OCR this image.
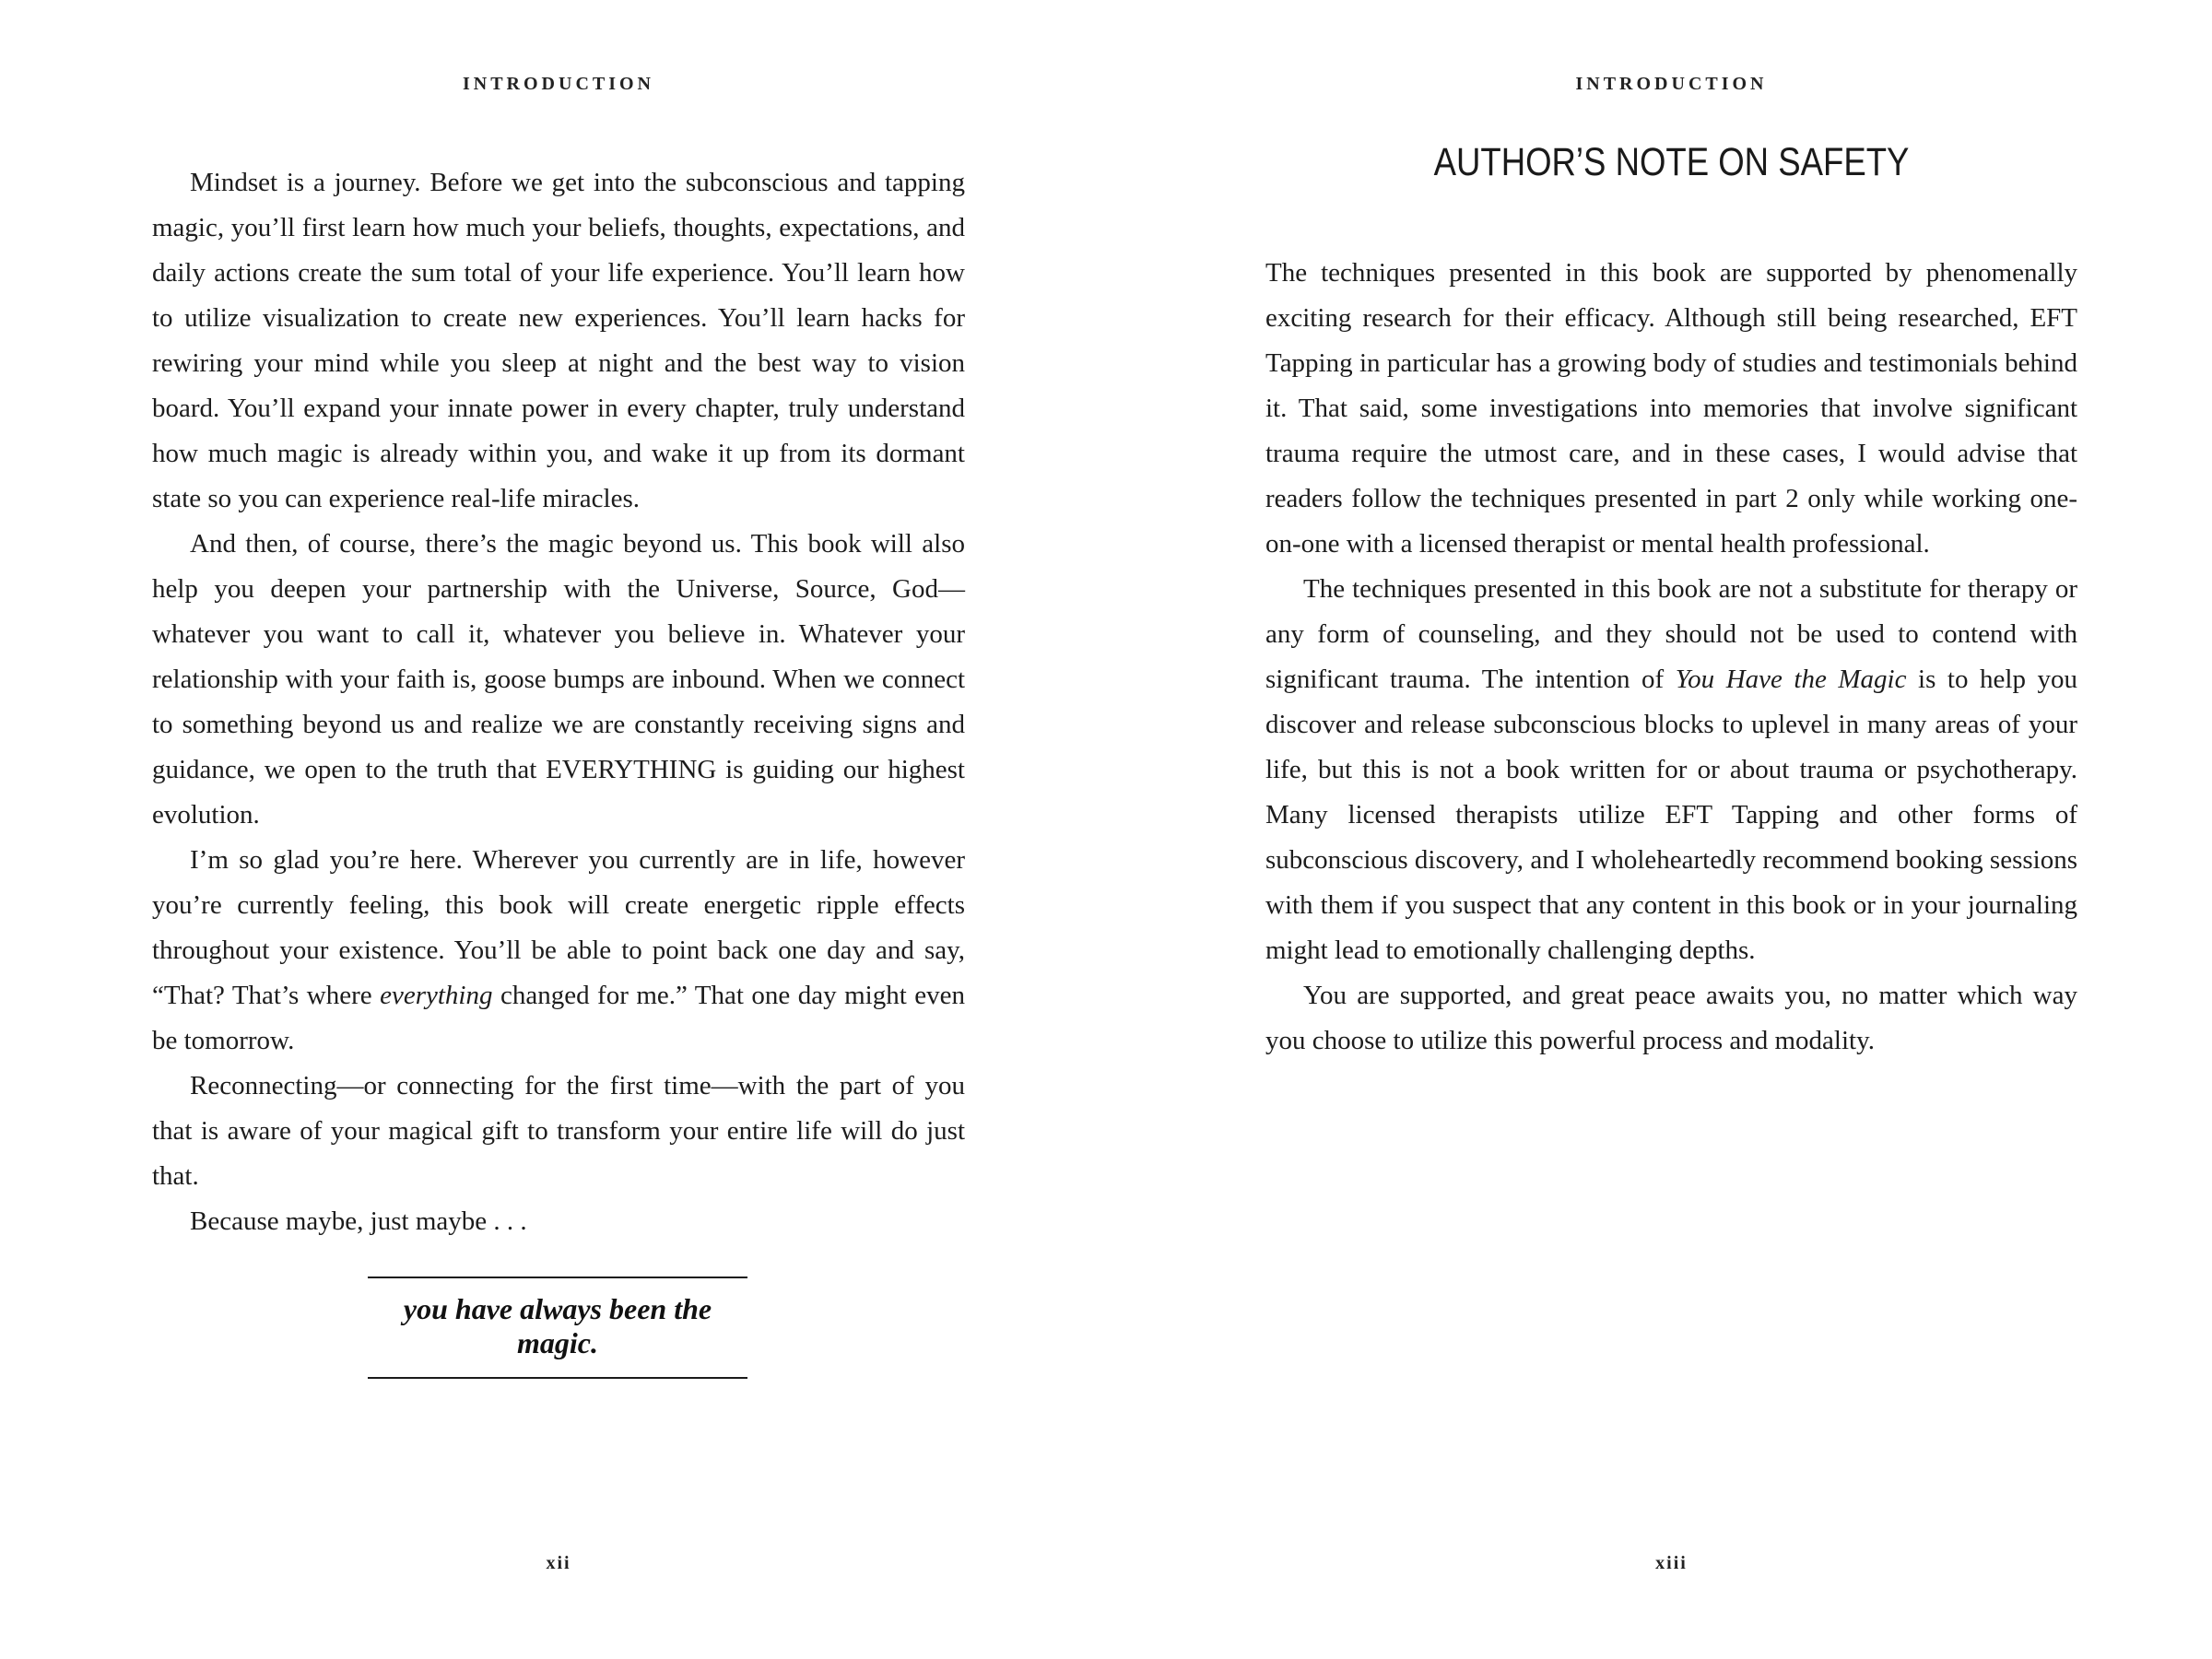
INTRODUCTION

Mindset is a journey. Before we get into the subconscious and tapping magic, you’ll first learn how much your beliefs, thoughts, expectations, and daily actions create the sum total of your life experience. You’ll learn how to utilize visualization to create new experiences. You’ll learn hacks for rewiring your mind while you sleep at night and the best way to vision board. You’ll expand your innate power in every chapter, truly understand how much magic is already within you, and wake it up from its dormant state so you can experience real-life miracles.

And then, of course, there’s the magic beyond us. This book will also help you deepen your partnership with the Universe, Source, God—whatever you want to call it, whatever you believe in. Whatever your relationship with your faith is, goose bumps are inbound. When we connect to something beyond us and realize we are constantly receiving signs and guidance, we open to the truth that EVERYTHING is guiding our highest evolution.

I’m so glad you’re here. Wherever you currently are in life, however you’re currently feeling, this book will create energetic ripple effects throughout your existence. You’ll be able to point back one day and say, “That? That’s where everything changed for me.” That one day might even be tomorrow.

Reconnecting—or connecting for the first time—with the part of you that is aware of your magical gift to transform your entire life will do just that.

Because maybe, just maybe . . .

you have always been the magic.
xii
INTRODUCTION
AUTHOR’S NOTE ON SAFETY

The techniques presented in this book are supported by phenomenally exciting research for their efficacy. Although still being researched, EFT Tapping in particular has a growing body of studies and testimonials behind it. That said, some investigations into memories that involve significant trauma require the utmost care, and in these cases, I would advise that readers follow the techniques presented in part 2 only while working one-on-one with a licensed therapist or mental health professional.

The techniques presented in this book are not a substitute for therapy or any form of counseling, and they should not be used to contend with significant trauma. The intention of You Have the Magic is to help you discover and release subconscious blocks to uplevel in many areas of your life, but this is not a book written for or about trauma or psychotherapy. Many licensed therapists utilize EFT Tapping and other forms of subconscious discovery, and I wholeheartedly recommend booking sessions with them if you suspect that any content in this book or in your journaling might lead to emotionally challenging depths.

You are supported, and great peace awaits you, no matter which way you choose to utilize this powerful process and modality.

xiii
